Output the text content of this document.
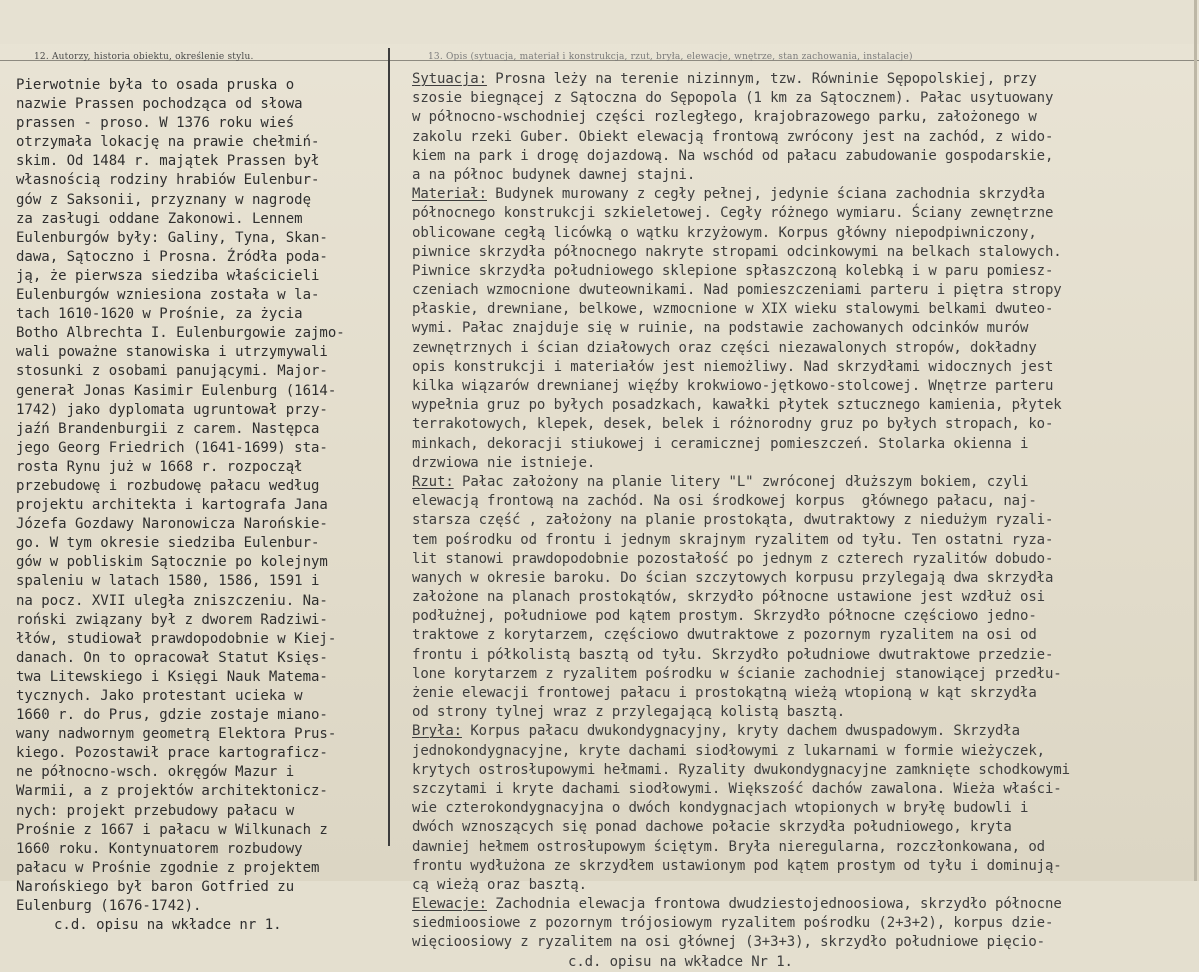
12. Autorzy, historia obiektu, określenie stylu.	13. Opis (sytuacja, materiał i konstrukcja, rzut, bryła, elewacje, wnętrze, stan zachowania, instalacje)
Pierwotnie była to osada pruska o
nazwie Prassen pochodząca od słowa
prassen - proso. W 1376 roku wieś
otrzymała lokację na prawie chełmiń-
skim. Od 1484 r. majątek Prassen był
własnością rodziny hrabiów Eulenbur-
gów z Saksonii, przyznany w nagrodę
za zasługi oddane Zakonowi. Lennem
Eulenburgów były: Galiny, Tyna, Skan-
dawa, Sątoczno i Prosna. Źródła poda-
ją, że pierwsza siedziba właścicieli
Eulenburgów wzniesiona została w la-
tach 1610-1620 w Prośnie, za życia
Botho Albrechta I. Eulenburgowie zajmo-
wali poważne stanowiska i utrzymywali
stosunki z osobami panującymi. Major-
generał Jonas Kasimir Eulenburg (1614-
1742) jako dyplomata ugruntował przy-
jaźń Brandenburgii z carem. Następca
jego Georg Friedrich (1641-1699) sta-
rosta Rynu już w 1668 r. rozpoczął
przebudowę i rozbudowę pałacu według
projektu architekta i kartografa Jana
Józefa Gozdawy Naronowicza Narońskie-
go. W tym okresie siedziba Eulenbur-
gów w pobliskim Sątocznie po kolejnym
spaleniu w latach 1580, 1586, 1591 i
na pocz. XVII uległa zniszczeniu. Na-
roński związany był z dworem Radziwi-
łłów, studiował prawdopodobnie w Kiej-
danach. On to opracował Statut Księs-
twa Litewskiego i Księgi Nauk Matema-
tycznych. Jako protestant ucieka w
1660 r. do Prus, gdzie zostaje miano-
wany nadwornym geometrą Elektora Prus-
kiego. Pozostawił prace kartograficz-
ne północno-wsch. okręgów Mazur i
Warmii, a z projektów architektonicz-
nych: projekt przebudowy pałacu w
Prośnie z 1667 i pałacu w Wilkunach z
1660 roku. Kontynuatorem rozbudowy
pałacu w Prośnie zgodnie z projektem
Narońskiego był baron Gotfried zu
Eulenburg (1676-1742).
c.d. opisu na wkładce nr 1.
Sytuacja: Prosna leży na terenie nizinnym, tzw. Równinie Sępopolskiej, przy
szosie biegnącej z Sątoczna do Sępopola (1 km za Sątocznem). Pałac usytuowany
w północno-wschodniej części rozległego, krajobrazowego parku, założonego w
zakolu rzeki Guber. Obiekt elewacją frontową zwrócony jest na zachód, z wido-
kiem na park i drogę dojazdową. Na wschód od pałacu zabudowanie gospodarskie,
a na północ budynek dawnej stajni.
Materiał: Budynek murowany z cegły pełnej, jedynie ściana zachodnia skrzydła
północnego konstrukcji szkieletowej. Cegły różnego wymiaru. Ściany zewnętrzne
oblicowane cegłą licówką o wątku krzyżowym. Korpus główny niepodpiwniczony,
piwnice skrzydła północnego nakryte stropami odcinkowymi na belkach stalowych.
Piwnice skrzydła południowego sklepione spłaszczoną kolebką i w paru pomiesz-
czeniach wzmocnione dwuteownikami. Nad pomieszczeniami parteru i piętra stropy
płaskie, drewniane, belkowe, wzmocnione w XIX wieku stalowymi belkami dwuteo-
wymi. Pałac znajduje się w ruinie, na podstawie zachowanych odcinków murów
zewnętrznych i ścian działowych oraz części niezawalonych stropów, dokładny
opis konstrukcji i materiałów jest niemożliwy. Nad skrzydłami widocznych jest
kilka wiązarów drewnianej więźby krokwiowo-jętkowo-stolcowej. Wnętrze parteru
wypełnia gruz po byłych posadzkach, kawałki płytek sztucznego kamienia, płytek
terrakotowych, klepek, desek, belek i różnorodny gruz po byłych stropach, ko-
minkach, dekoracji stiukowej i ceramicznej pomieszczeń. Stolarka okienna i
drzwiowa nie istnieje.
Rzut: Pałac założony na planie litery "L" zwróconej dłuższym bokiem, czyli
elewacją frontową na zachód. Na osi środkowej korpus  głównego pałacu, naj-
starsza część , założony na planie prostokąta, dwutraktowy z niedużym ryzali-
tem pośrodku od frontu i jednym skrajnym ryzalitem od tyłu. Ten ostatni ryza-
lit stanowi prawdopodobnie pozostałość po jednym z czterech ryzalitów dobudo-
wanych w okresie baroku. Do ścian szczytowych korpusu przylegają dwa skrzydła
założone na planach prostokątów, skrzydło północne ustawione jest wzdłuż osi
podłużnej, południowe pod kątem prostym. Skrzydło północne częściowo jedno-
traktowe z korytarzem, częściowo dwutraktowe z pozornym ryzalitem na osi od
frontu i półkolistą basztą od tyłu. Skrzydło południowe dwutraktowe przedzie-
lone korytarzem z ryzalitem pośrodku w ścianie zachodniej stanowiącej przedłu-
żenie elewacji frontowej pałacu i prostokątną wieżą wtopioną w kąt skrzydła
od strony tylnej wraz z przylegającą kolistą basztą.
Bryła: Korpus pałacu dwukondygnacyjny, kryty dachem dwuspadowym. Skrzydła
jednokondygnacyjne, kryte dachami siodłowymi z lukarnami w formie wieżyczek,
krytych ostrosłupowymi hełmami. Ryzality dwukondygnacyjne zamknięte schodkowymi
szczytami i kryte dachami siodłowymi. Większość dachów zawalona. Wieża właści-
wie czterokondygnacyjna o dwóch kondygnacjach wtopionych w bryłę budowli i
dwóch wznoszących się ponad dachowe połacie skrzydła południowego, kryta
dawniej hełmem ostrosłupowym ściętym. Bryła nieregularna, rozczłonkowana, od
frontu wydłużona ze skrzydłem ustawionym pod kątem prostym od tyłu i dominują-
cą wieżą oraz basztą.
Elewacje: Zachodnia elewacja frontowa dwudziestojednoosiowa, skrzydło północne
siedmioosiowe z pozornym trójosiowym ryzalitem pośrodku (2+3+2), korpus dzie-
więcioosiowy z ryzalitem na osi głównej (3+3+3), skrzydło południowe pięcio-
c.d. opisu na wkładce Nr 1.
